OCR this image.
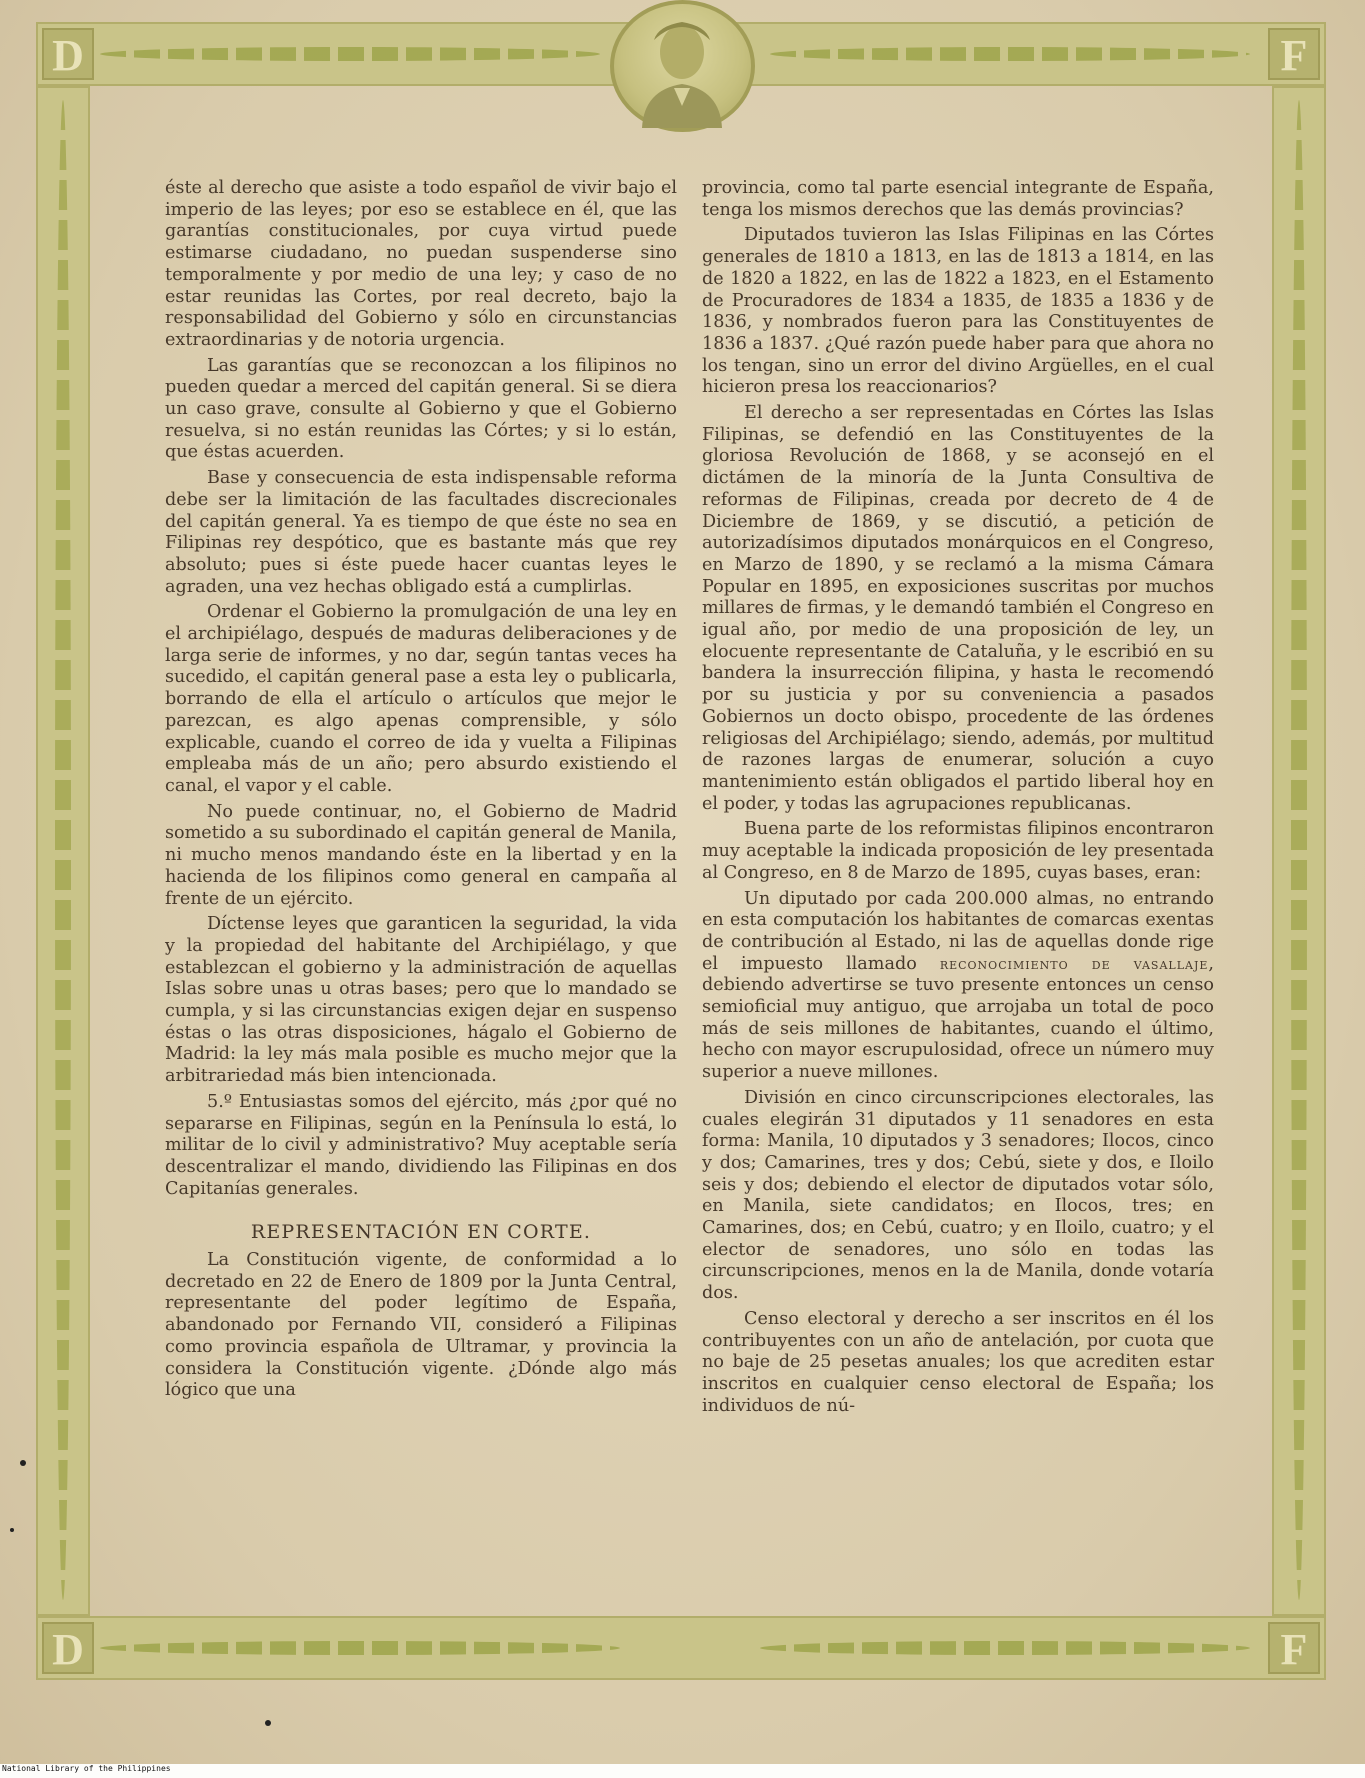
D	F
D	F

éste al derecho que asiste a todo español de vivir bajo el imperio de las leyes; por eso se establece en él, que las garantías constitucionales, por cuya virtud puede estimarse ciudadano, no puedan suspenderse sino temporalmente y por medio de una ley; y caso de no estar reunidas las Cortes, por real decreto, bajo la responsabilidad del Gobierno y sólo en circunstancias extraordinarias y de notoria urgencia.

Las garantías que se reconozcan a los filipinos no pueden quedar a merced del capitán general. Si se diera un caso grave, consulte al Gobierno y que el Gobierno resuelva, si no están reunidas las Córtes; y si lo están, que éstas acuerden.

Base y consecuencia de esta indispensable reforma debe ser la limitación de las facultades discrecionales del capitán general. Ya es tiempo de que éste no sea en Filipinas rey despótico, que es bastante más que rey absoluto; pues si éste puede hacer cuantas leyes le agraden, una vez hechas obligado está a cumplirlas.

Ordenar el Gobierno la promulgación de una ley en el archipiélago, después de maduras deliberaciones y de larga serie de informes, y no dar, según tantas veces ha sucedido, el capitán general pase a esta ley o publicarla, borrando de ella el artículo o artículos que mejor le parezcan, es algo apenas comprensible, y sólo explicable, cuando el correo de ida y vuelta a Filipinas empleaba más de un año; pero absurdo existiendo el canal, el vapor y el cable.

No puede continuar, no, el Gobierno de Madrid sometido a su subordinado el capitán general de Manila, ni mucho menos mandando éste en la libertad y en la hacienda de los filipinos como general en campaña al frente de un ejército.

Díctense leyes que garanticen la seguridad, la vida y la propiedad del habitante del Archipiélago, y que establezcan el gobierno y la administración de aquellas Islas sobre unas u otras bases; pero que lo mandado se cumpla, y si las circunstancias exigen dejar en suspenso éstas o las otras disposiciones, hágalo el Gobierno de Madrid: la ley más mala posible es mucho mejor que la arbitrariedad más bien intencionada.

5.º Entusiastas somos del ejército, más ¿por qué no separarse en Filipinas, según en la Península lo está, lo militar de lo civil y administrativo? Muy aceptable sería descentralizar el mando, dividiendo las Filipinas en dos Capitanías generales.

REPRESENTACIÓN EN CORTE.

La Constitución vigente, de conformidad a lo decretado en 22 de Enero de 1809 por la Junta Central, representante del poder legítimo de España, abandonado por Fernando VII, consideró a Filipinas como provincia española de Ultramar, y provincia la considera la Constitución vigente. ¿Dónde algo más lógico que una

provincia, como tal parte esencial integrante de España, tenga los mismos derechos que las demás provincias?

Diputados tuvieron las Islas Filipinas en las Córtes generales de 1810 a 1813, en las de 1813 a 1814, en las de 1820 a 1822, en las de 1822 a 1823, en el Estamento de Procuradores de 1834 a 1835, de 1835 a 1836 y de 1836, y nombrados fueron para las Constituyentes de 1836 a 1837. ¿Qué razón puede haber para que ahora no los tengan, sino un error del divino Argüelles, en el cual hicieron presa los reaccionarios?

El derecho a ser representadas en Córtes las Islas Filipinas, se defendió en las Constituyentes de la gloriosa Revolución de 1868, y se aconsejó en el dictámen de la minoría de la Junta Consultiva de reformas de Filipinas, creada por decreto de 4 de Diciembre de 1869, y se discutió, a petición de autorizadísimos diputados monárquicos en el Congreso, en Marzo de 1890, y se reclamó a la misma Cámara Popular en 1895, en exposiciones suscritas por muchos millares de firmas, y le demandó también el Congreso en igual año, por medio de una proposición de ley, un elocuente representante de Cataluña, y le escribió en su bandera la insurrección filipina, y hasta le recomendó por su justicia y por su conveniencia a pasados Gobiernos un docto obispo, procedente de las órdenes religiosas del Archipiélago; siendo, además, por multitud de razones largas de enumerar, solución a cuyo mantenimiento están obligados el partido liberal hoy en el poder, y todas las agrupaciones republicanas.

Buena parte de los reformistas filipinos encontraron muy aceptable la indicada proposición de ley presentada al Congreso, en 8 de Marzo de 1895, cuyas bases, eran:

Un diputado por cada 200.000 almas, no entrando en esta computación los habitantes de comarcas exentas de contribución al Estado, ni las de aquellas donde rige el impuesto llamado reconocimiento de vasallaje, debiendo advertirse se tuvo presente entonces un censo semioficial muy antiguo, que arrojaba un total de poco más de seis millones de habitantes, cuando el último, hecho con mayor escrupulosidad, ofrece un número muy superior a nueve millones.

División en cinco circunscripciones electorales, las cuales elegirán 31 diputados y 11 senadores en esta forma: Manila, 10 diputados y 3 senadores; Ilocos, cinco y dos; Camarines, tres y dos; Cebú, siete y dos, e Iloilo seis y dos; debiendo el elector de diputados votar sólo, en Manila, siete candidatos; en Ilocos, tres; en Camarines, dos; en Cebú, cuatro; y en Iloilo, cuatro; y el elector de senadores, uno sólo en todas las circunscripciones, menos en la de Manila, donde votaría dos.

Censo electoral y derecho a ser inscritos en él los contribuyentes con un año de antelación, por cuota que no baje de 25 pesetas anuales; los que acrediten estar inscritos en cualquier censo electoral de España; los individuos de nú-

National Library of the Philippines
